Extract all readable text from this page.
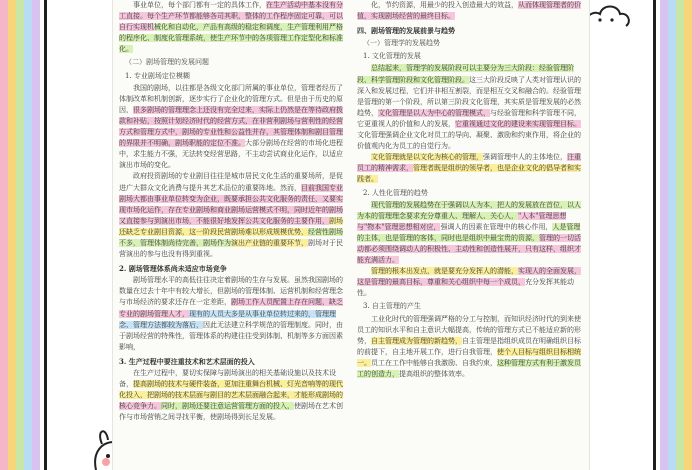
事业单位，每个部门都有一定的具体工作，在生产活动中基本没有分工直接。每个生产环节都能够各司其职，整体的工作程序固定可靠，可以自行实现机械化和自动化，产品有高级的稳定和调度，生产管理利用严格的程序化、制度化管理系统，使生产环节中的各项管理工作定型化和标准化。

（二）剧场管理的发展问题

1. 专业剧场定位模糊

我国的剧场，以往都是各级文化部门所属的事业单位，管理者经历了体制改革和机制创新，逐步实行了企业化的管理方式。但是由于历史的原因，很多剧场的管理理念上还没有完全过来，实际上仍然是在等待政府拨款和补贴，按照计划经济时代的经营方式，在非营利剧场与营利性的经营方式和管理方式中，剧场的专业性和公益性并存，其管理体制和剧目管理的界限并不明确，剧场职能的定位不准。大部分剧场在经营的市场化进程中，求生能力不强，无法转变经营思路，不主动尝试商业化运作，以适应演出市场的变化。

政府投资剧场的专业剧目往往是城市居民文化生活的重要场所，是促进广大群众文化消费与提升其艺术品位的重要阵地。然而，目前我国专业剧场大都由事业单位转变为企业，既要承担公共文化服务的责任，又要实现市场化运作，存在专业剧场和商业剧场运营模式不明，同时近年的剧场又直接参与到演出市场，不能很好地发挥公共文化服务的主要作用，剧场还缺乏专业剧目资源，这一阶段民营剧场难以形成规模优势，经营性剧场不多，管理体制尚待完善，剧场作为演出产业链的重要环节，剧场对于民营演出的参与也没有得到重视。

2. 剧场管理体系尚未适应市场竞争

剧场管理水平的高低往往决定着剧场的生存与发展。虽然我国剧场的数量在过去十年中有较大增长，但剧场的管理体制、运营机制和经营理念与市场经济的要求还存在一定差距，剧场工作人员配置上存在问题，缺乏专业的剧场管理人才，现有的人员大多是从事业单位转过来的，管理理念、管理方法都较为落后，因此无法建立科学规范的管理制度。同时，由于剧场经营的特殊性，管理体系的构建往往受到体制、机制等多方面因素影响，

3. 生产过程中要注重技术和艺术层面的投入

在生产过程中，要切实保障与剧场演出的相关基础设施以及技术设备，提高剧场的技术与硬件装备，更加注重舞台机械、灯光音响等的现代化投入，把剧场的技术层面与剧目的艺术层面融合起来，才能形成剧场的核心竞争力。同时，剧场还要注意运营管理方面的投入，使剧场在艺术创作与市场营销之间寻找平衡，使剧场得到长足发展。

化，节约资源，用最少的投入创造最大的效益，从而体现管理者的价值，实现剧场经营的最终目标。

四、剧场管理的发展前景与趋势

（一）管理学的发展趋势

1. 文化管理的发展

总结起来，管理学的发展阶段可以主要分为三大阶段：经验管理阶段、科学管理阶段和文化管理阶段。这三大阶段反映了人类对管理认识的深入和发展过程，它们并非相互割裂，而是相互交叉和融合的。经验管理是管理的第一个阶段，所以第三阶段文化管理，其实质是管理发展的必然趋势，文化管理是以人为中心的管理模式，与经验管理和科学管理不同，它更重视人的价值和人的发展，它重视通过文化的建设来实现管理目标。文化管理强调企业文化对员工的导向、凝聚、激励和约束作用，将企业的价值观内化为员工的自觉行为。

文化管理就是以文化为核心的管理，强调管理中人的主体地位，注重员工的精神需求，管理者既是组织的领导者，也是企业文化的倡导者和实践者。

2. 人性化管理的趋势

现代管理的发展趋势在于强调以人为本，把人的发展放在首位，以人为本的管理理念要求充分尊重人、理解人、关心人，"人本"管理思想与"物本"管理思想相对应，强调人的因素在管理中的核心作用，人是管理的主体，也是管理的客体，同时也是组织中最宝贵的资源，管理的一切活动都必须围绕调动人的积极性、主动性和创造性展开，只有这样，组织才能充满活力。

管理的根本出发点，就是要充分发挥人的潜能，实现人的全面发展，这是管理的最高目标，尊重和关心组织中每一个成员，充分发挥其能动性。

3. 自主管理的产生

工业化时代的管理强调严格的分工与控制，而知识经济时代的到来使员工的知识水平和自主意识大幅提高，传统的管理方式已不能适应新的形势，自主管理成为管理的新趋势，自主管理是指组织成员在明确组织目标的前提下，自主地开展工作，进行自我管理，使个人目标与组织目标相统一。员工在工作中能够自我激励、自我约束，这种管理方式有利于激发员工的创造力，提高组织的整体效率。
